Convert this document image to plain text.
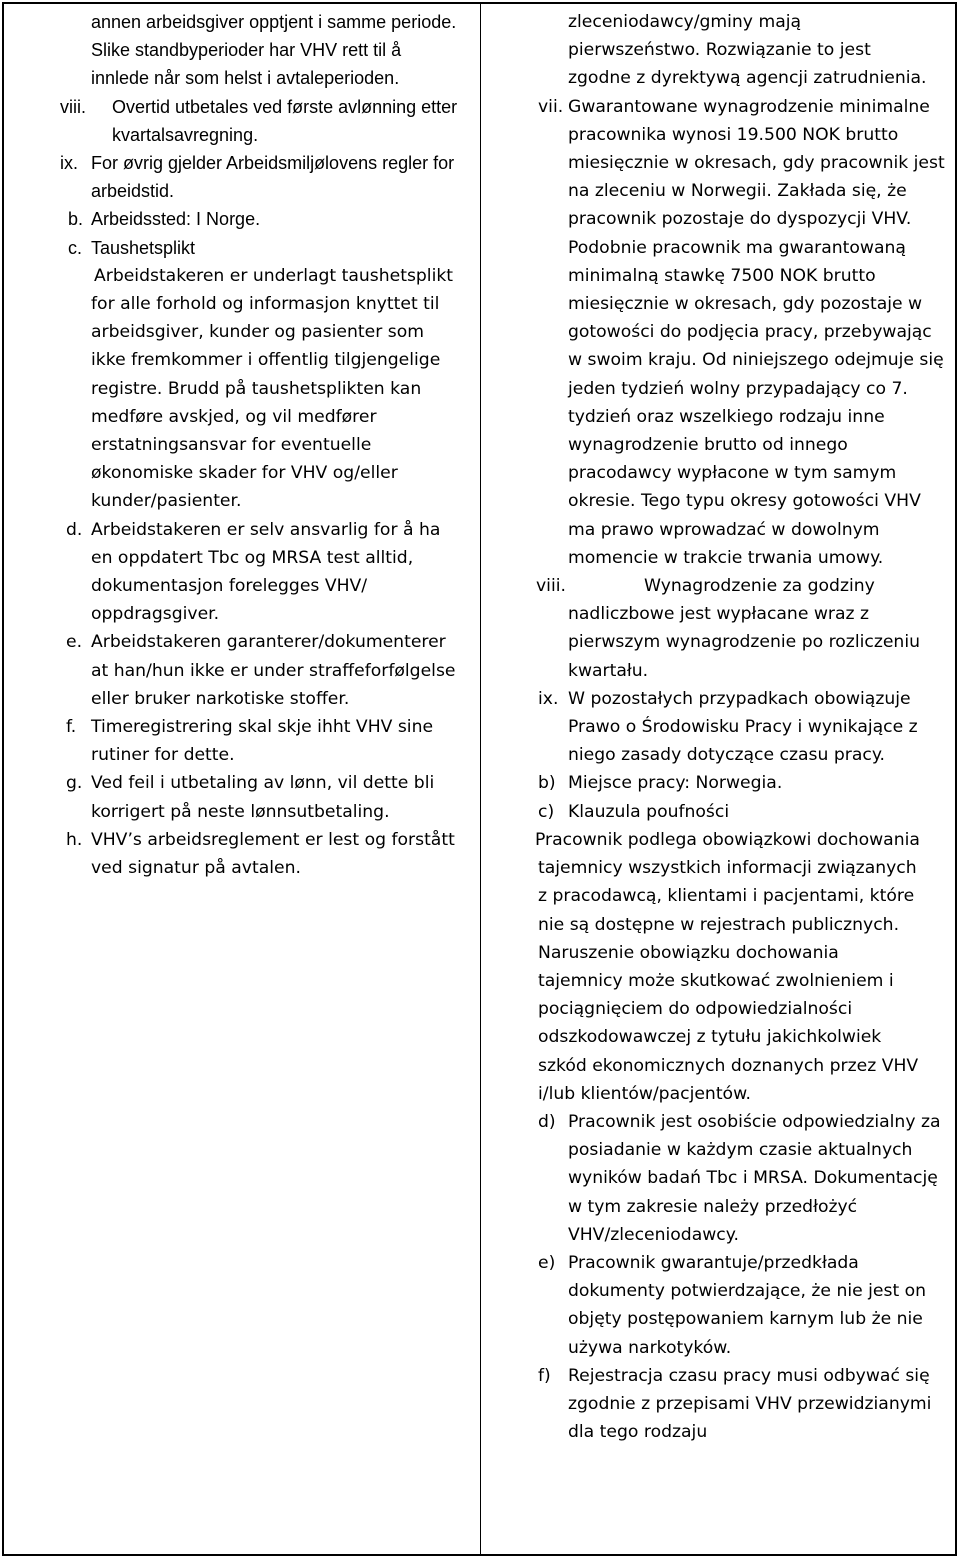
annen arbeidsgiver opptjent i samme periode. Slike standbyperioder har VHV rett til å innlede når som helst i avtaleperioden.
viii. Overtid utbetales ved første avlønning etter kvartalsavregning.
ix. For øvrig gjelder Arbeidsmiljølovens regler for arbeidstid.
b. Arbeidssted: I Norge.
c. Taushetsplikt
Arbeidstakeren er underlagt taushetsplikt for alle forhold og informasjon knyttet til arbeidsgiver, kunder og pasienter som ikke fremkommer i offentlig tilgjengelige registre. Brudd på taushetsplikten kan medføre avskjed, og vil medfører erstatningsansvar for eventuelle økonomiske skader for VHV og/eller kunder/pasienter.
d. Arbeidstakeren er selv ansvarlig for å ha en oppdatert Tbc og MRSA test alltid, dokumentasjon forelegges VHV/ oppdragsgiver.
e. Arbeidstakeren garanterer/dokumenterer at han/hun ikke er under straffeforfølgelse eller bruker narkotiske stoffer.
f. Timeregistrering skal skje ihht VHV sine rutiner for dette.
g. Ved feil i utbetaling av lønn, vil dette bli korrigert på neste lønnsutbetaling.
h. VHV’s arbeidsreglement er lest og forstått ved signatur på avtalen.
zleceniodawcy/gminy mają pierwszeństwo. Rozwiązanie to jest zgodne z dyrektywą agencji zatrudnienia.
vii. Gwarantowane wynagrodzenie minimalne pracownika wynosi 19.500 NOK brutto miesięcznie w okresach, gdy pracownik jest na zleceniu w Norwegii. Zakłada się, że pracownik pozostaje do dyspozycji VHV. Podobnie pracownik ma gwarantowaną minimalną stawkę 7500 NOK brutto miesięcznie w okresach, gdy pozostaje w gotowości do podjęcia pracy, przebywając w swoim kraju. Od niniejszego odejmuje się jeden tydzień wolny przypadający co 7. tydzień oraz wszelkiego rodzaju inne wynagrodzenie brutto od innego pracodawcy wypłacone w tym samym okresie. Tego typu okresy gotowości VHV ma prawo wprowadzać w dowolnym momencie w trakcie trwania umowy.
viii.	Wynagrodzenie za godziny nadliczbowe jest wypłacane wraz z pierwszym wynagrodzenie po rozliczeniu kwartału.
ix. W pozostałych przypadkach obowiązuje Prawo o Środowisku Pracy i wynikające z niego zasady dotyczące czasu pracy.
b) Miejsce pracy: Norwegia.
c) Klauzula poufności
Pracownik podlega obowiązkowi dochowania tajemnicy wszystkich informacji związanych z pracodawcą, klientami i pacjentami, które nie są dostępne w rejestrach publicznych. Naruszenie obowiązku dochowania tajemnicy może skutkować zwolnieniem i pociągnięciem do odpowiedzialności odszkodowawczej z tytułu jakichkolwiek szkód ekonomicznych doznanych przez VHV i/lub klientów/pacjentów.
d) Pracownik jest osobiście odpowiedzialny za posiadanie w każdym czasie aktualnych wyników badań Tbc i MRSA. Dokumentację w tym zakresie należy przedłożyć VHV/zleceniodawcy.
e) Pracownik gwarantuje/przedkłada dokumenty potwierdzające, że nie jest on objęty postępowaniem karnym lub że nie używa narkotyków.
f) Rejestracja czasu pracy musi odbywać się zgodnie z przepisami VHV przewidzianymi dla tego rodzaju
